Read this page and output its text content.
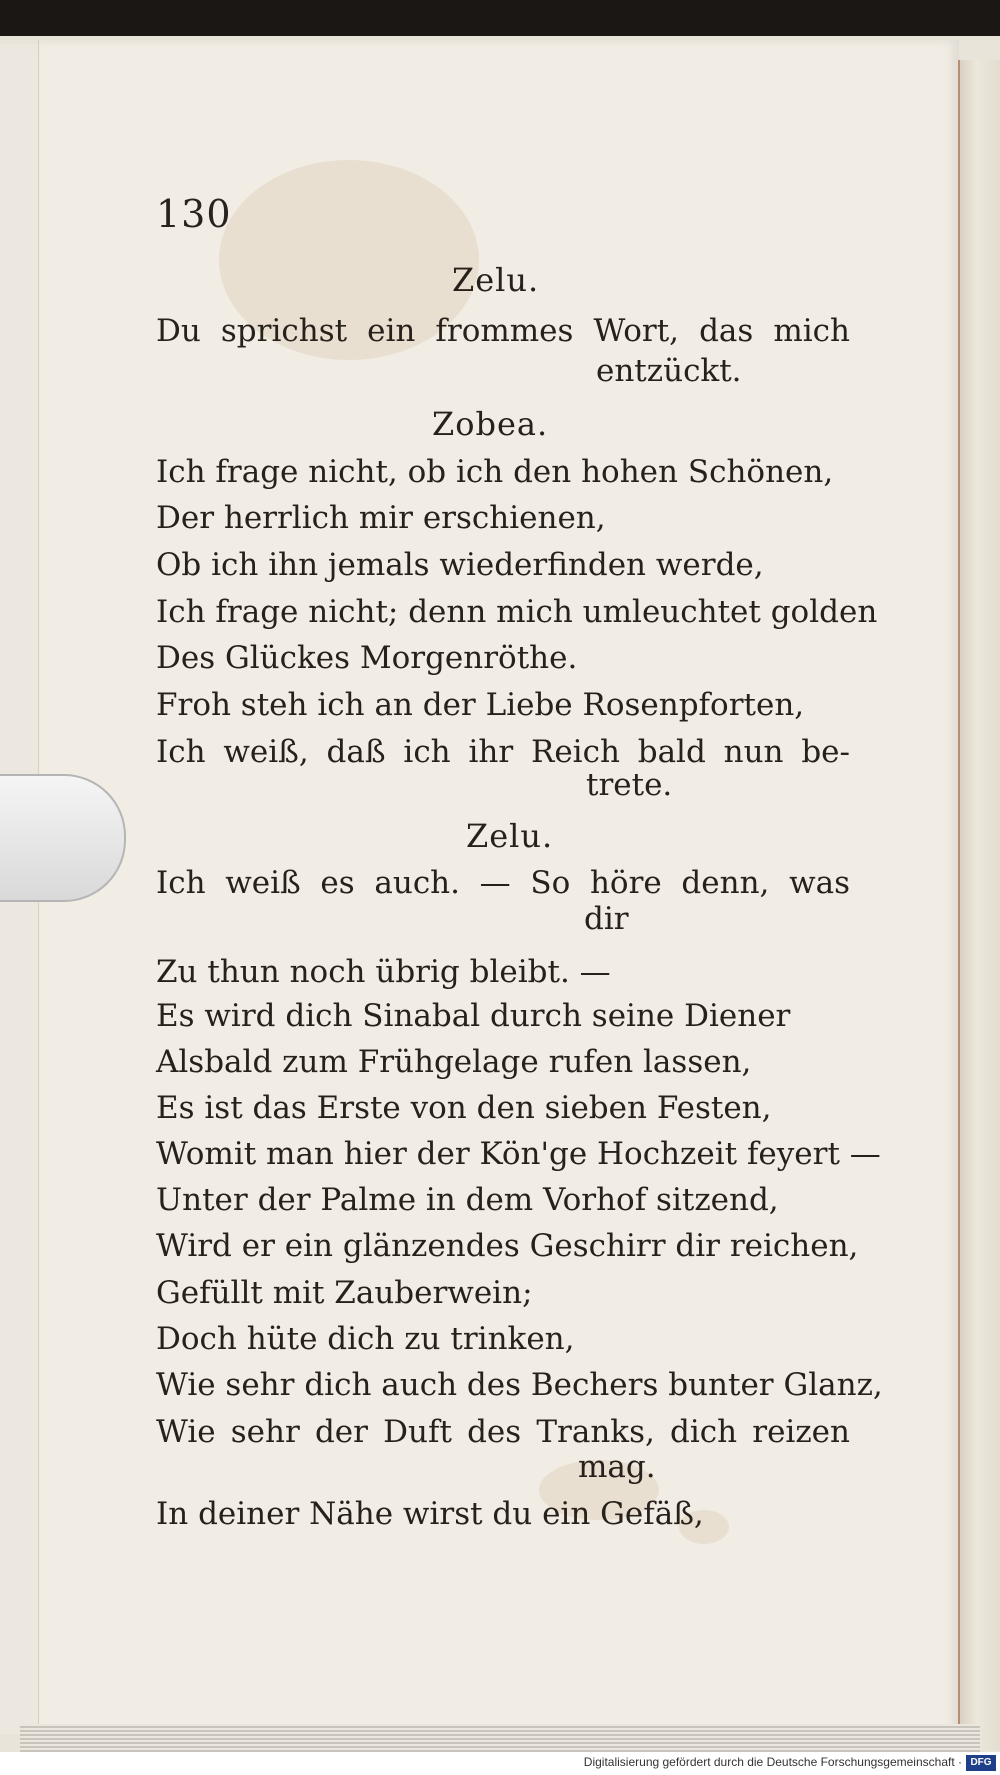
130
Zelu.
Du sprichst ein frommes Wort, das mich
entzückt.
Zobea.
Ich frage nicht, ob ich den hohen Schönen,
Der herrlich mir erschienen,
Ob ich ihn jemals wiederfinden werde,
Ich frage nicht; denn mich umleuchtet golden
Des Glückes Morgenröthe.
Froh steh ich an der Liebe Rosenpforten,
Ich weiß, daß ich ihr Reich bald nun be-
trete.
Zelu.
Ich weiß es auch. — So höre denn, was
dir
Zu thun noch übrig bleibt. —
Es wird dich Sinabal durch seine Diener
Alsbald zum Frühgelage rufen lassen,
Es ist das Erste von den sieben Festen,
Womit man hier der Kön'ge Hochzeit feyert —
Unter der Palme in dem Vorhof sitzend,
Wird er ein glänzendes Geschirr dir reichen,
Gefüllt mit Zauberwein;
Doch hüte dich zu trinken,
Wie sehr dich auch des Bechers bunter Glanz,
Wie sehr der Duft des Tranks, dich reizen
mag.
In deiner Nähe wirst du ein Gefäß,
Digitalisierung gefördert durch die Deutsche Forschungsgemeinschaft · DFG
